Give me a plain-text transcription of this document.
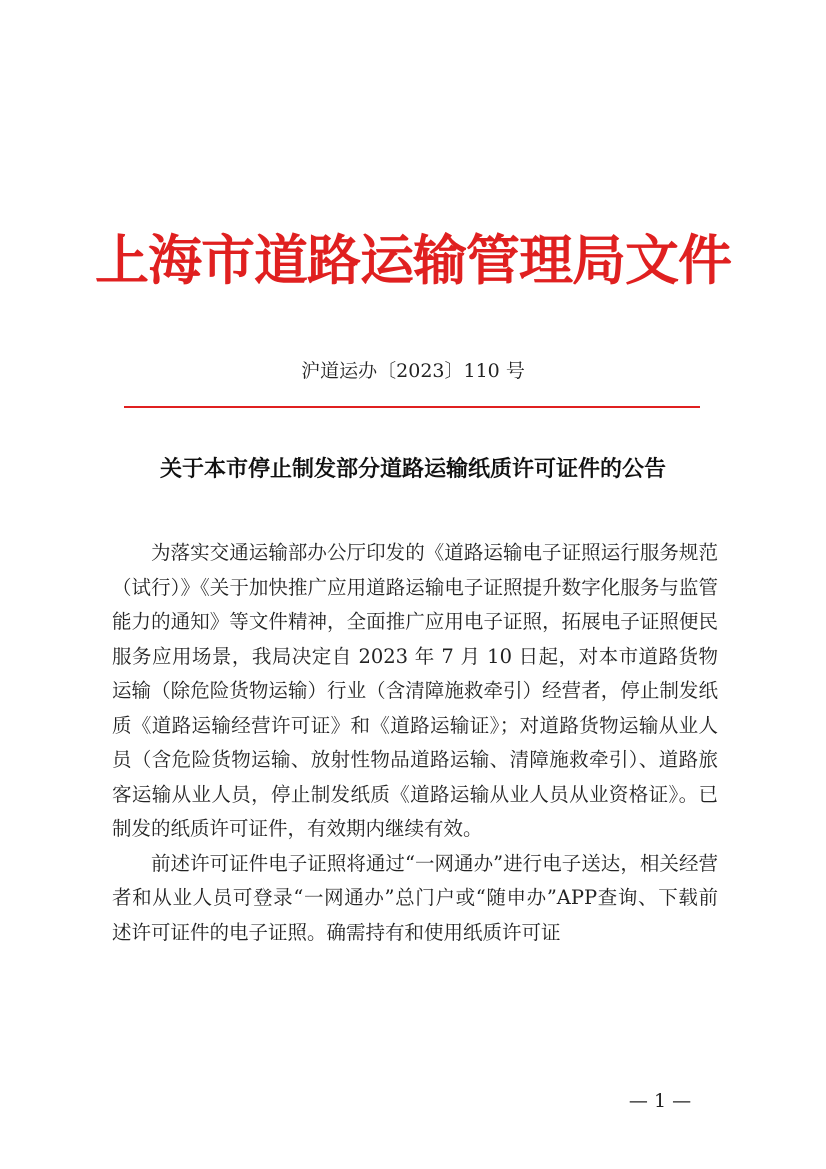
上海市道路运输管理局文件
沪道运办〔2023〕110 号
关于本市停止制发部分道路运输纸质许可证件的公告

为落实交通运输部办公厅印发的《道路运输电子证照运行服务规范（试行）》《关于加快推广应用道路运输电子证照提升数字化服务与监管能力的通知》等文件精神，全面推广应用电子证照，拓展电子证照便民服务应用场景，我局决定自 2023 年 7 月 10 日起，对本市道路货物运输（除危险货物运输）行业（含清障施救牵引）经营者，停止制发纸质《道路运输经营许可证》和《道路运输证》；对道路货物运输从业人员（含危险货物运输、放射性物品道路运输、清障施救牵引）、道路旅客运输从业人员，停止制发纸质《道路运输从业人员从业资格证》。已制发的纸质许可证件，有效期内继续有效。

前述许可证件电子证照将通过“一网通办”进行电子送达，相关经营者和从业人员可登录“一网通办”总门户或“随申办”APP查询、下载前述许可证件的电子证照。确需持有和使用纸质许可证

— 1 —
